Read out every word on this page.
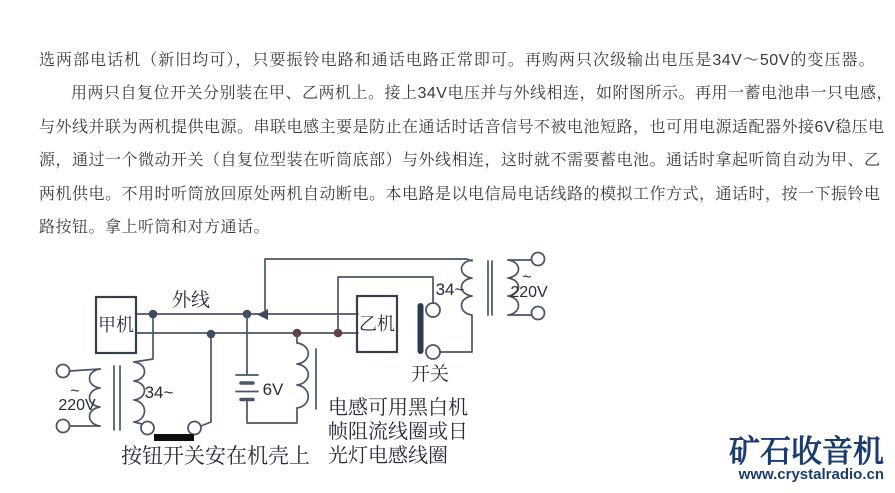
选两部电话机（新旧均可），只要振铃电路和通话电路正常即可。再购两只次级输出电压是34V～50V的变压器。
用两只自复位开关分别装在甲、乙两机上。接上34V电压并与外线相连，如附图所示。再用一蓄电池串一只电感，
与外线并联为两机提供电源。串联电感主要是防止在通话时话音信号不被电池短路，也可用电源适配器外接6V稳压电
源，通过一个微动开关（自复位型装在听筒底部）与外线相连，这时就不需要蓄电池。通话时拿起听筒自动为甲、乙
两机供电。不用时听筒放回原处两机自动断电。本电路是以电信局电话线路的模拟工作方式，通话时，按一下振铃电
路按钮。拿上听筒和对方通话。
外线
甲机
~
220V
34~
按钮开关安在机壳上
6V
乙机
开关
34~
~
220V
电感可用黑白机
帧阻流线圈或日
光灯电感线圈	矿石收音机
www.crystalradio.cn
